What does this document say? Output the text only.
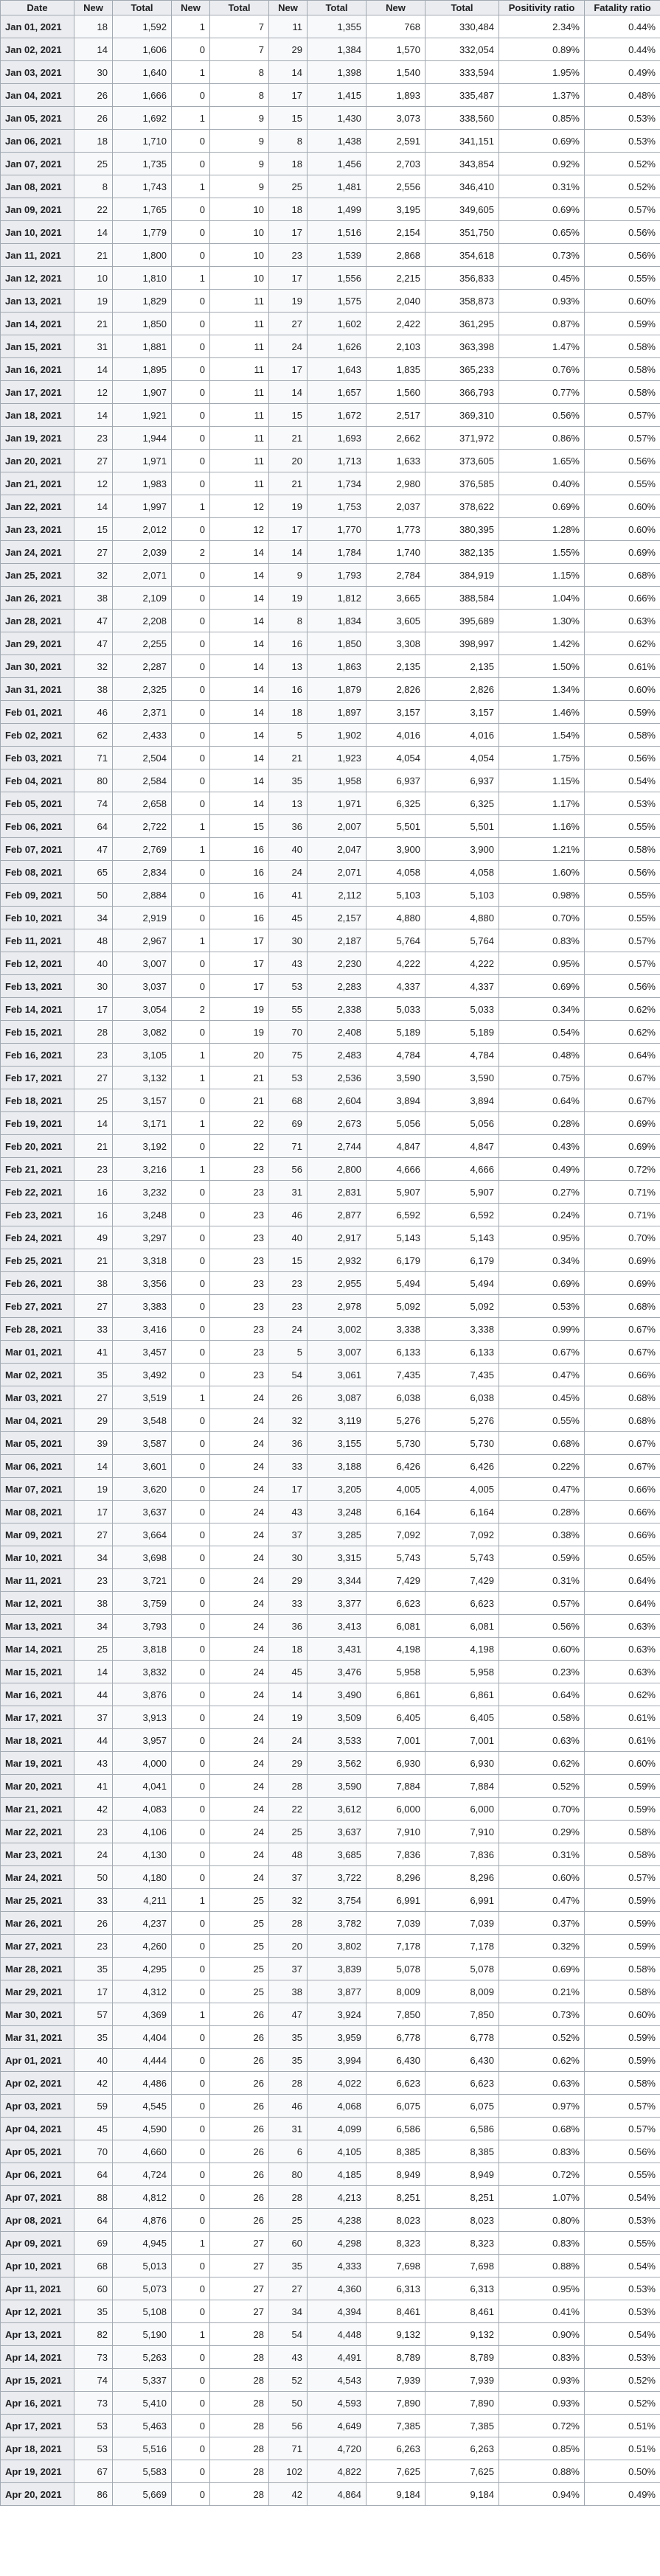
Jan 01, 2021	18	1,592	1	7	11	1,355	768	330,484	2.34%	0.44%
Jan 02, 2021	14	1,606	0	7	29	1,384	1,570	332,054	0.89%	0.44%
Jan 03, 2021	30	1,640	1	8	14	1,398	1,540	333,594	1.95%	0.49%
Jan 04, 2021	26	1,666	0	8	17	1,415	1,893	335,487	1.37%	0.48%
Jan 05, 2021	26	1,692	1	9	15	1,430	3,073	338,560	0.85%	0.53%
Jan 06, 2021	18	1,710	0	9	8	1,438	2,591	341,151	0.69%	0.53%
Jan 07, 2021	25	1,735	0	9	18	1,456	2,703	343,854	0.92%	0.52%
Jan 08, 2021	8	1,743	1	9	25	1,481	2,556	346,410	0.31%	0.52%
Jan 09, 2021	22	1,765	0	10	18	1,499	3,195	349,605	0.69%	0.57%
Jan 10, 2021	14	1,779	0	10	17	1,516	2,154	351,750	0.65%	0.56%
Jan 11, 2021	21	1,800	0	10	23	1,539	2,868	354,618	0.73%	0.56%
Jan 12, 2021	10	1,810	1	10	17	1,556	2,215	356,833	0.45%	0.55%
Jan 13, 2021	19	1,829	0	11	19	1,575	2,040	358,873	0.93%	0.60%
Jan 14, 2021	21	1,850	0	11	27	1,602	2,422	361,295	0.87%	0.59%
Jan 15, 2021	31	1,881	0	11	24	1,626	2,103	363,398	1.47%	0.58%
Jan 16, 2021	14	1,895	0	11	17	1,643	1,835	365,233	0.76%	0.58%
Jan 17, 2021	12	1,907	0	11	14	1,657	1,560	366,793	0.77%	0.58%
Jan 18, 2021	14	1,921	0	11	15	1,672	2,517	369,310	0.56%	0.57%
Jan 19, 2021	23	1,944	0	11	21	1,693	2,662	371,972	0.86%	0.57%
Jan 20, 2021	27	1,971	0	11	20	1,713	1,633	373,605	1.65%	0.56%
Jan 21, 2021	12	1,983	0	11	21	1,734	2,980	376,585	0.40%	0.55%
Jan 22, 2021	14	1,997	1	12	19	1,753	2,037	378,622	0.69%	0.60%
Jan 23, 2021	15	2,012	0	12	17	1,770	1,773	380,395	1.28%	0.60%
Jan 24, 2021	27	2,039	2	14	14	1,784	1,740	382,135	1.55%	0.69%
Jan 25, 2021	32	2,071	0	14	9	1,793	2,784	384,919	1.15%	0.68%
Jan 26, 2021	38	2,109	0	14	19	1,812	3,665	388,584	1.04%	0.66%
Jan 28, 2021	47	2,208	0	14	8	1,834	3,605	395,689	1.30%	0.63%
Jan 29, 2021	47	2,255	0	14	16	1,850	3,308	398,997	1.42%	0.62%
Jan 30, 2021	32	2,287	0	14	13	1,863	2,135	2,135	1.50%	0.61%
Jan 31, 2021	38	2,325	0	14	16	1,879	2,826	2,826	1.34%	0.60%
Feb 01, 2021	46	2,371	0	14	18	1,897	3,157	3,157	1.46%	0.59%
Feb 02, 2021	62	2,433	0	14	5	1,902	4,016	4,016	1.54%	0.58%
Feb 03, 2021	71	2,504	0	14	21	1,923	4,054	4,054	1.75%	0.56%
Feb 04, 2021	80	2,584	0	14	35	1,958	6,937	6,937	1.15%	0.54%
Feb 05, 2021	74	2,658	0	14	13	1,971	6,325	6,325	1.17%	0.53%
Feb 06, 2021	64	2,722	1	15	36	2,007	5,501	5,501	1.16%	0.55%
Feb 07, 2021	47	2,769	1	16	40	2,047	3,900	3,900	1.21%	0.58%
Feb 08, 2021	65	2,834	0	16	24	2,071	4,058	4,058	1.60%	0.56%
Feb 09, 2021	50	2,884	0	16	41	2,112	5,103	5,103	0.98%	0.55%
Feb 10, 2021	34	2,919	0	16	45	2,157	4,880	4,880	0.70%	0.55%
Feb 11, 2021	48	2,967	1	17	30	2,187	5,764	5,764	0.83%	0.57%
Feb 12, 2021	40	3,007	0	17	43	2,230	4,222	4,222	0.95%	0.57%
Feb 13, 2021	30	3,037	0	17	53	2,283	4,337	4,337	0.69%	0.56%
Feb 14, 2021	17	3,054	2	19	55	2,338	5,033	5,033	0.34%	0.62%
Feb 15, 2021	28	3,082	0	19	70	2,408	5,189	5,189	0.54%	0.62%
Feb 16, 2021	23	3,105	1	20	75	2,483	4,784	4,784	0.48%	0.64%
Feb 17, 2021	27	3,132	1	21	53	2,536	3,590	3,590	0.75%	0.67%
Feb 18, 2021	25	3,157	0	21	68	2,604	3,894	3,894	0.64%	0.67%
Feb 19, 2021	14	3,171	1	22	69	2,673	5,056	5,056	0.28%	0.69%
Feb 20, 2021	21	3,192	0	22	71	2,744	4,847	4,847	0.43%	0.69%
Feb 21, 2021	23	3,216	1	23	56	2,800	4,666	4,666	0.49%	0.72%
Feb 22, 2021	16	3,232	0	23	31	2,831	5,907	5,907	0.27%	0.71%
Feb 23, 2021	16	3,248	0	23	46	2,877	6,592	6,592	0.24%	0.71%
Feb 24, 2021	49	3,297	0	23	40	2,917	5,143	5,143	0.95%	0.70%
Feb 25, 2021	21	3,318	0	23	15	2,932	6,179	6,179	0.34%	0.69%
Feb 26, 2021	38	3,356	0	23	23	2,955	5,494	5,494	0.69%	0.69%
Feb 27, 2021	27	3,383	0	23	23	2,978	5,092	5,092	0.53%	0.68%
Feb 28, 2021	33	3,416	0	23	24	3,002	3,338	3,338	0.99%	0.67%
Mar 01, 2021	41	3,457	0	23	5	3,007	6,133	6,133	0.67%	0.67%
Mar 02, 2021	35	3,492	0	23	54	3,061	7,435	7,435	0.47%	0.66%
Mar 03, 2021	27	3,519	1	24	26	3,087	6,038	6,038	0.45%	0.68%
Mar 04, 2021	29	3,548	0	24	32	3,119	5,276	5,276	0.55%	0.68%
Mar 05, 2021	39	3,587	0	24	36	3,155	5,730	5,730	0.68%	0.67%
Mar 06, 2021	14	3,601	0	24	33	3,188	6,426	6,426	0.22%	0.67%
Mar 07, 2021	19	3,620	0	24	17	3,205	4,005	4,005	0.47%	0.66%
Mar 08, 2021	17	3,637	0	24	43	3,248	6,164	6,164	0.28%	0.66%
Mar 09, 2021	27	3,664	0	24	37	3,285	7,092	7,092	0.38%	0.66%
Mar 10, 2021	34	3,698	0	24	30	3,315	5,743	5,743	0.59%	0.65%
Mar 11, 2021	23	3,721	0	24	29	3,344	7,429	7,429	0.31%	0.64%
Mar 12, 2021	38	3,759	0	24	33	3,377	6,623	6,623	0.57%	0.64%
Mar 13, 2021	34	3,793	0	24	36	3,413	6,081	6,081	0.56%	0.63%
Mar 14, 2021	25	3,818	0	24	18	3,431	4,198	4,198	0.60%	0.63%
Mar 15, 2021	14	3,832	0	24	45	3,476	5,958	5,958	0.23%	0.63%
Mar 16, 2021	44	3,876	0	24	14	3,490	6,861	6,861	0.64%	0.62%
Mar 17, 2021	37	3,913	0	24	19	3,509	6,405	6,405	0.58%	0.61%
Mar 18, 2021	44	3,957	0	24	24	3,533	7,001	7,001	0.63%	0.61%
Mar 19, 2021	43	4,000	0	24	29	3,562	6,930	6,930	0.62%	0.60%
Mar 20, 2021	41	4,041	0	24	28	3,590	7,884	7,884	0.52%	0.59%
Mar 21, 2021	42	4,083	0	24	22	3,612	6,000	6,000	0.70%	0.59%
Mar 22, 2021	23	4,106	0	24	25	3,637	7,910	7,910	0.29%	0.58%
Mar 23, 2021	24	4,130	0	24	48	3,685	7,836	7,836	0.31%	0.58%
Mar 24, 2021	50	4,180	0	24	37	3,722	8,296	8,296	0.60%	0.57%
Mar 25, 2021	33	4,211	1	25	32	3,754	6,991	6,991	0.47%	0.59%
Mar 26, 2021	26	4,237	0	25	28	3,782	7,039	7,039	0.37%	0.59%
Mar 27, 2021	23	4,260	0	25	20	3,802	7,178	7,178	0.32%	0.59%
Mar 28, 2021	35	4,295	0	25	37	3,839	5,078	5,078	0.69%	0.58%
Mar 29, 2021	17	4,312	0	25	38	3,877	8,009	8,009	0.21%	0.58%
Mar 30, 2021	57	4,369	1	26	47	3,924	7,850	7,850	0.73%	0.60%
Mar 31, 2021	35	4,404	0	26	35	3,959	6,778	6,778	0.52%	0.59%
Apr 01, 2021	40	4,444	0	26	35	3,994	6,430	6,430	0.62%	0.59%
Apr 02, 2021	42	4,486	0	26	28	4,022	6,623	6,623	0.63%	0.58%
Apr 03, 2021	59	4,545	0	26	46	4,068	6,075	6,075	0.97%	0.57%
Apr 04, 2021	45	4,590	0	26	31	4,099	6,586	6,586	0.68%	0.57%
Apr 05, 2021	70	4,660	0	26	6	4,105	8,385	8,385	0.83%	0.56%
Apr 06, 2021	64	4,724	0	26	80	4,185	8,949	8,949	0.72%	0.55%
Apr 07, 2021	88	4,812	0	26	28	4,213	8,251	8,251	1.07%	0.54%
Apr 08, 2021	64	4,876	0	26	25	4,238	8,023	8,023	0.80%	0.53%
Apr 09, 2021	69	4,945	1	27	60	4,298	8,323	8,323	0.83%	0.55%
Apr 10, 2021	68	5,013	0	27	35	4,333	7,698	7,698	0.88%	0.54%
Apr 11, 2021	60	5,073	0	27	27	4,360	6,313	6,313	0.95%	0.53%
Apr 12, 2021	35	5,108	0	27	34	4,394	8,461	8,461	0.41%	0.53%
Apr 13, 2021	82	5,190	1	28	54	4,448	9,132	9,132	0.90%	0.54%
Apr 14, 2021	73	5,263	0	28	43	4,491	8,789	8,789	0.83%	0.53%
Apr 15, 2021	74	5,337	0	28	52	4,543	7,939	7,939	0.93%	0.52%
Apr 16, 2021	73	5,410	0	28	50	4,593	7,890	7,890	0.93%	0.52%
Apr 17, 2021	53	5,463	0	28	56	4,649	7,385	7,385	0.72%	0.51%
Apr 18, 2021	53	5,516	0	28	71	4,720	6,263	6,263	0.85%	0.51%
Apr 19, 2021	67	5,583	0	28	102	4,822	7,625	7,625	0.88%	0.50%
Apr 20, 2021	86	5,669	0	28	42	4,864	9,184	9,184	0.94%	0.49%
Date	New	Total	New	Total	New	Total	New	Total	Positivity ratio	Fatality ratio
